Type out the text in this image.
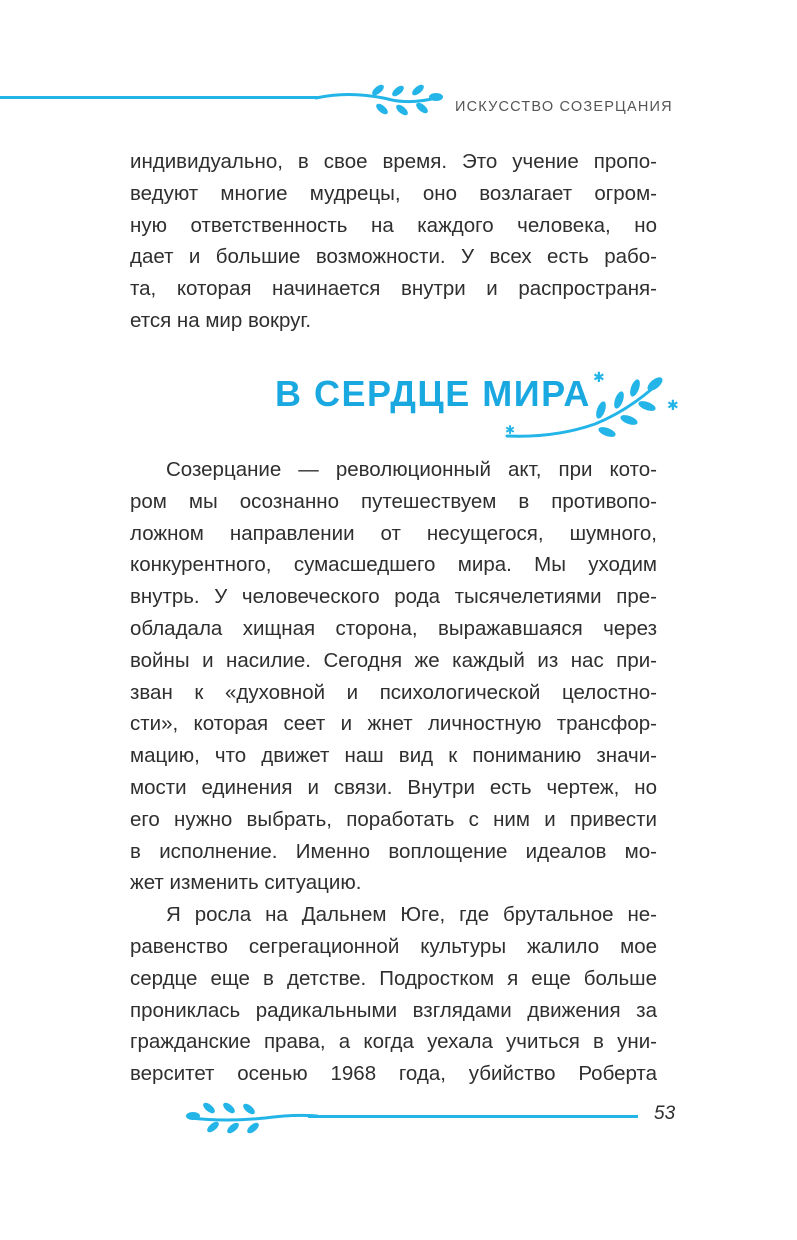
ИСКУССТВО СОЗЕРЦАНИЯ

индивидуально, в свое время. Это учение пропо-

ведуют многие мудрецы, оно возлагает огром-

ную ответственность на каждого человека, но

дает и большие возможности. У всех есть рабо-

та, которая начинается внутри и распространя-

ется на мир вокруг.

В СЕРДЦЕ МИРА ✱
✱
✱

Созерцание — революционный акт, при кото-

ром мы осознанно путешествуем в противопо-

ложном направлении от несущегося, шумного,

конкурентного, сумасшедшего мира. Мы уходим

внутрь. У человеческого рода тысячелетиями пре-

обладала хищная сторона, выражавшаяся через

войны и насилие. Сегодня же каждый из нас при-

зван к «духовной и психологической целостно-

сти», которая сеет и жнет личностную трансфор-

мацию, что движет наш вид к пониманию значи-

мости единения и связи. Внутри есть чертеж, но

его нужно выбрать, поработать с ним и привести

в исполнение. Именно воплощение идеалов мо-

жет изменить ситуацию.

Я росла на Дальнем Юге, где брутальное не-

равенство сегрегационной культуры жалило мое

сердце еще в детстве. Подростком я еще больше

прониклась радикальными взглядами движения за

гражданские права, а когда уехала учиться в уни-

верситет осенью 1968 года, убийство Роберта

53
